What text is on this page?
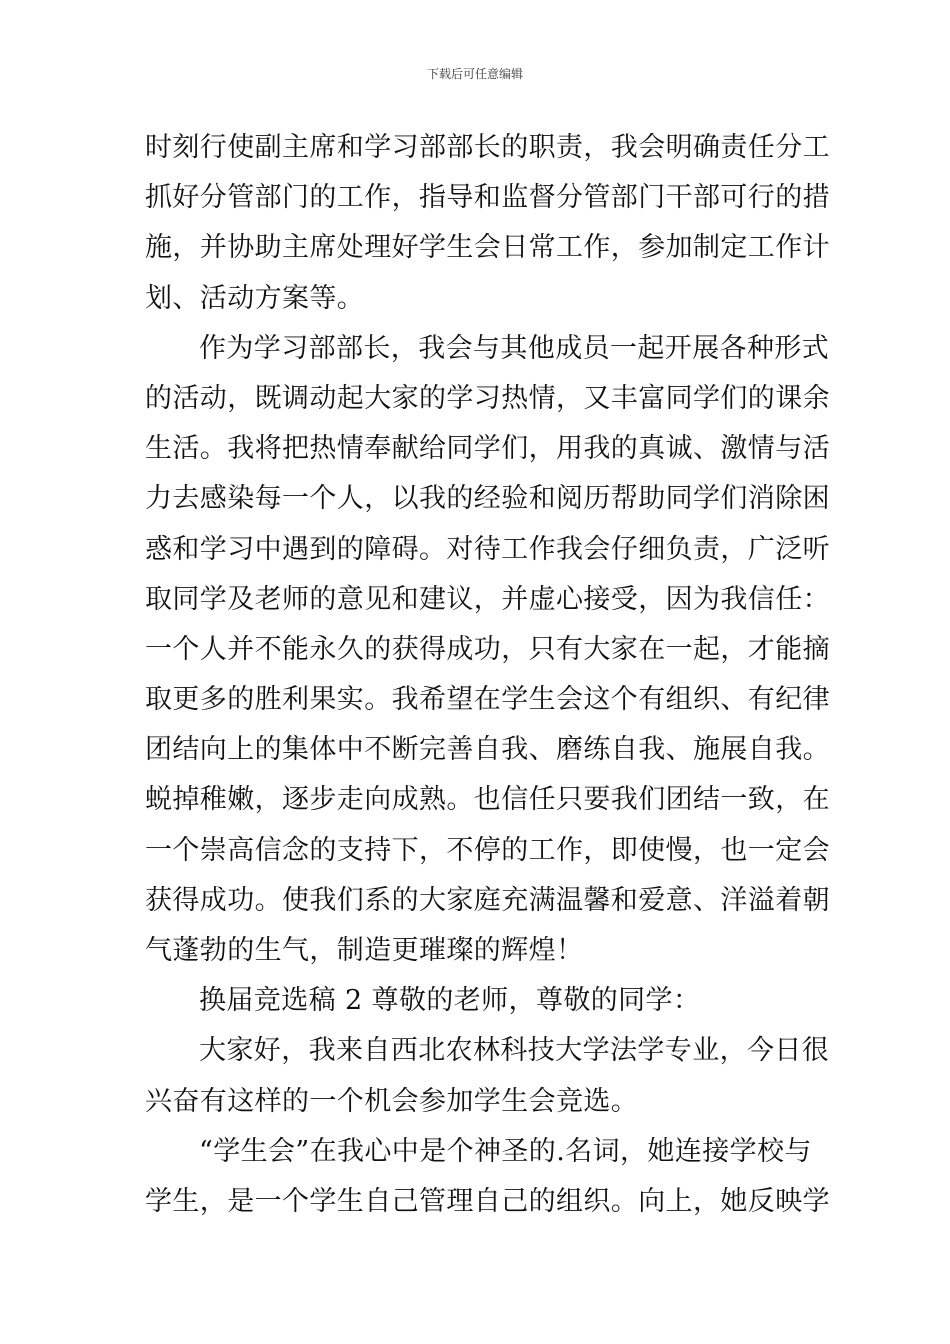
下载后可任意编辑
时刻行使副主席和学习部部长的职责，我会明确责任分工
抓好分管部门的工作，指导和监督分管部门干部可行的措
施，并协助主席处理好学生会日常工作，参加制定工作计
划、活动方案等。
作为学习部部长，我会与其他成员一起开展各种形式
的活动，既调动起大家的学习热情，又丰富同学们的课余
生活。我将把热情奉献给同学们，用我的真诚、激情与活
力去感染每一个人，以我的经验和阅历帮助同学们消除困
惑和学习中遇到的障碍。对待工作我会仔细负责，广泛听
取同学及老师的意见和建议，并虚心接受，因为我信任：
一个人并不能永久的获得成功，只有大家在一起，才能摘
取更多的胜利果实。我希望在学生会这个有组织、有纪律
团结向上的集体中不断完善自我、磨练自我、施展自我。
蜕掉稚嫩，逐步走向成熟。也信任只要我们团结一致，在
一个崇高信念的支持下，不停的工作，即使慢，也一定会
获得成功。使我们系的大家庭充满温馨和爱意、洋溢着朝
气蓬勃的生气，制造更璀璨的辉煌！
换届竞选稿 2 尊敬的老师，尊敬的同学：
大家好，我来自西北农林科技大学法学专业，今日很
兴奋有这样的一个机会参加学生会竞选。
“学生会”在我心中是个神圣的.名词，她连接学校与
学生，是一个学生自己管理自己的组织。向上，她反映学
